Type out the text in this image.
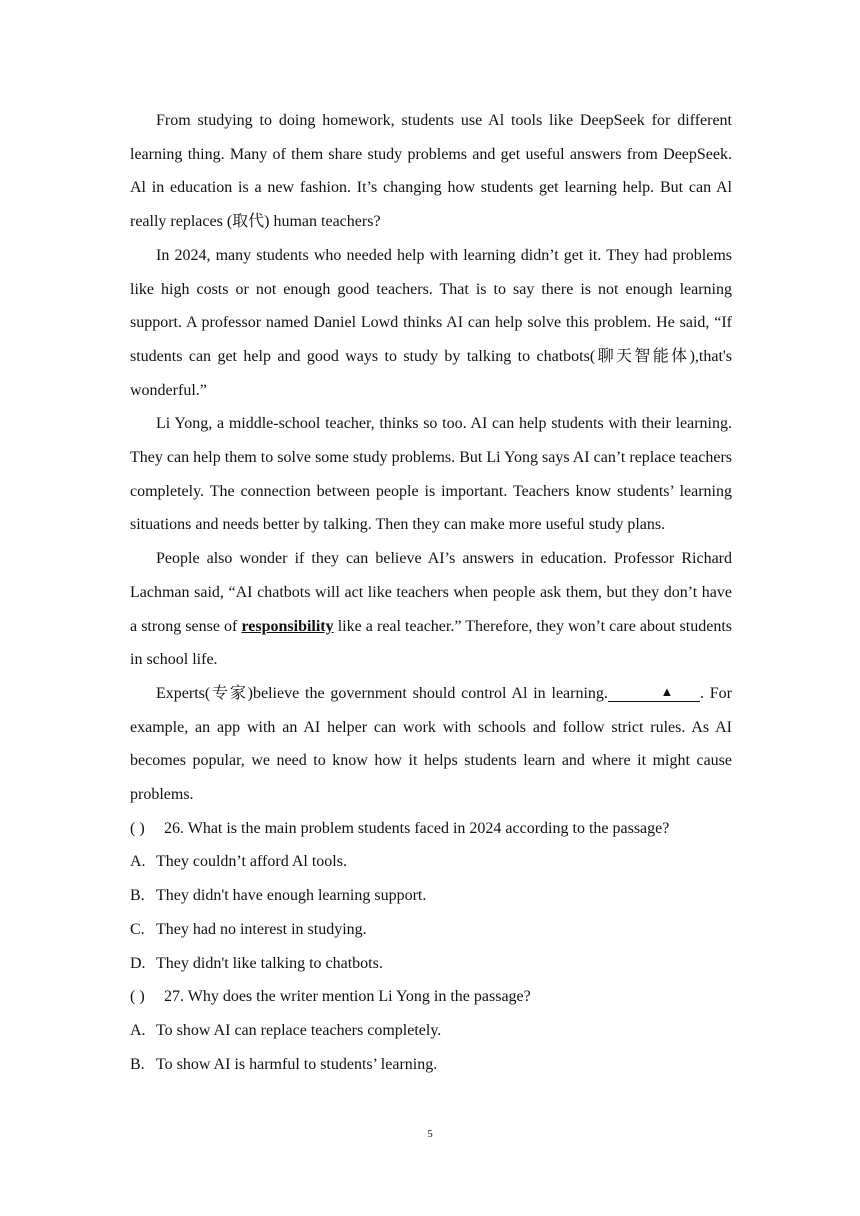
From studying to doing homework, students use Al tools like DeepSeek for different learning thing. Many of them share study problems and get useful answers from DeepSeek. Al in education is a new fashion. It’s changing how students get learning help. But can Al really replaces (取代) human teachers?

In 2024, many students who needed help with learning didn’t get it. They had problems like high costs or not enough good teachers. That is to say there is not enough learning support. A professor named Daniel Lowd thinks AI can help solve this problem. He said, “If students can get help and good ways to study by talking to chatbots(聊天智能体),that's wonderful.”

Li Yong, a middle-school teacher, thinks so too. AI can help students with their learning. They can help them to solve some study problems. But Li Yong says AI can’t replace teachers completely. The connection between people is important. Teachers know students’ learning situations and needs better by talking. Then they can make more useful study plans.

People also wonder if they can believe AI’s answers in education. Professor Richard Lachman said, “AI chatbots will act like teachers when people ask them, but they don’t have a strong sense of responsibility like a real teacher.” Therefore, they won’t care about students in school life.

Experts(专家)believe the government should control Al in learning.	▲ . For example, an app with an AI helper can work with schools and follow strict rules. As AI becomes popular, we need to know how it helps students learn and where it might cause problems.

( ) 26. What is the main problem students faced in 2024 according to the passage?

A. They couldn’t afford Al tools.

B. They didn't have enough learning support.

C. They had no interest in studying.

D. They didn't like talking to chatbots.

( ) 27. Why does the writer mention Li Yong in the passage?

A. To show AI can replace teachers completely.

B. To show AI is harmful to students’ learning.

5
